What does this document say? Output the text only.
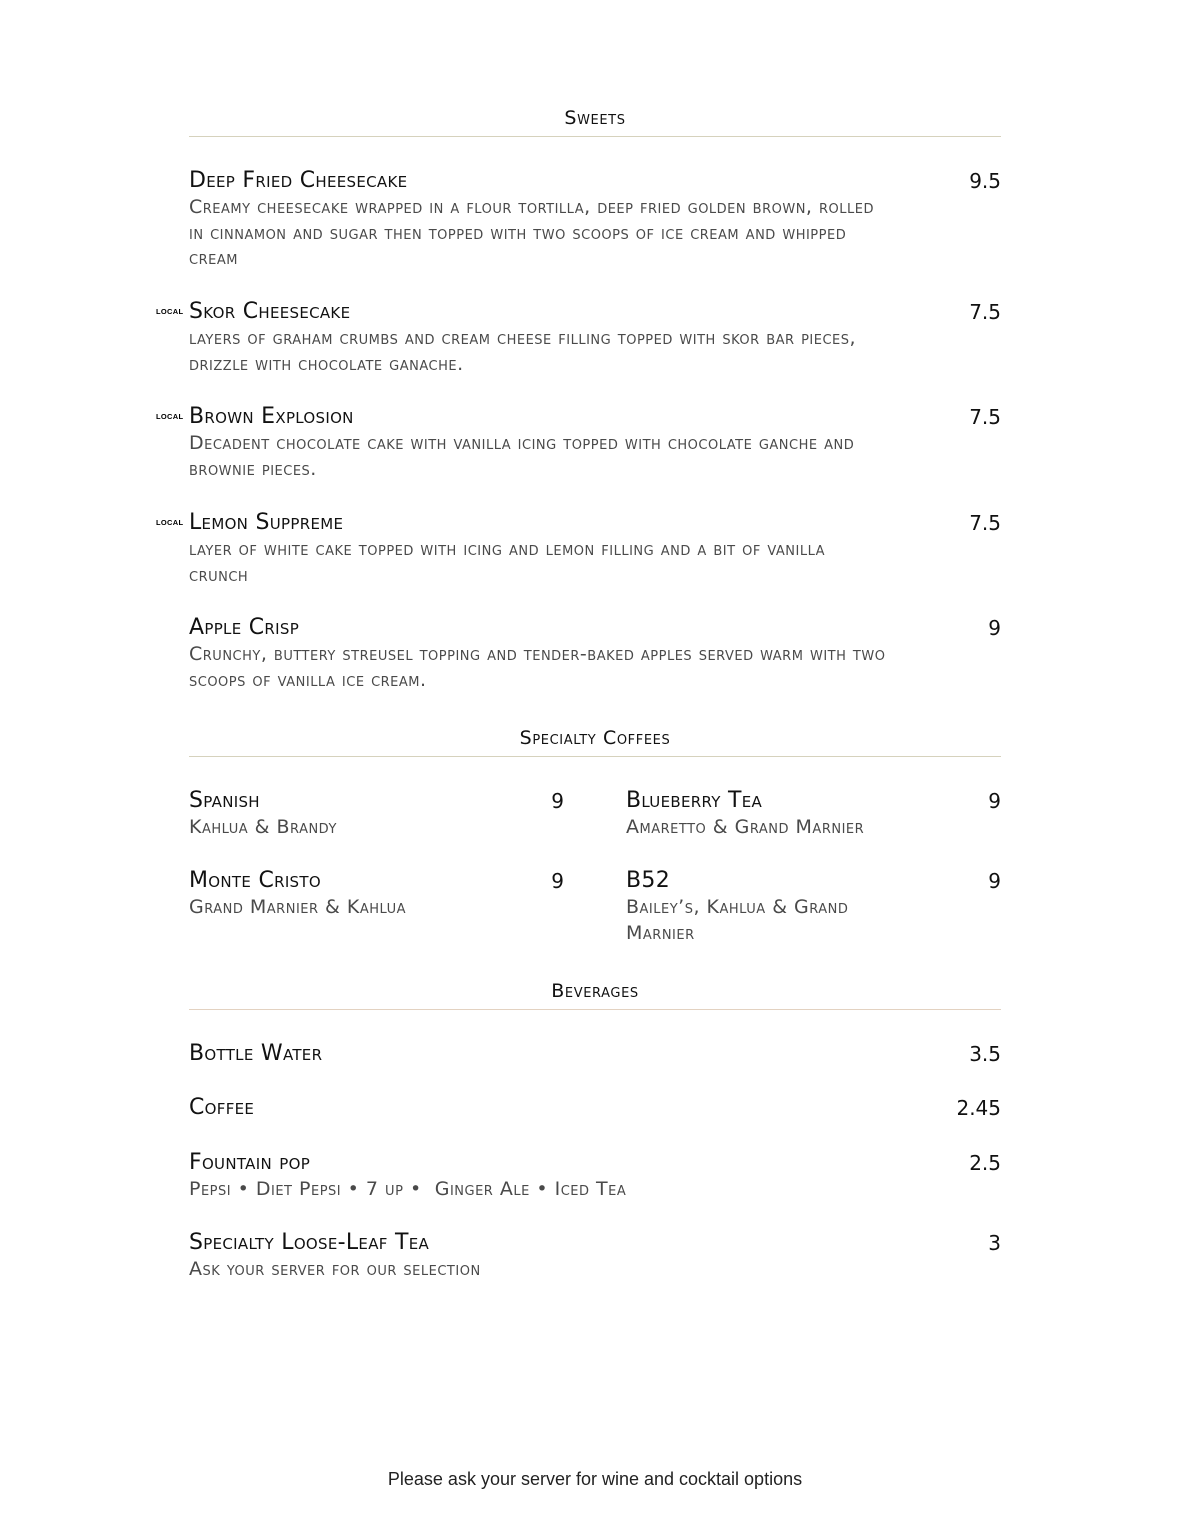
Sweets
Deep Fried Cheesecake	9.5
Creamy cheesecake wrapped in a flour tortilla, deep fried golden brown, rolled in cinnamon and sugar then topped with two scoops of ice cream and whipped cream
LOCAL Skor Cheesecake	7.5
layers of graham crumbs and cream cheese filling topped with skor bar pieces, drizzle with chocolate ganache.
LOCAL Brown Explosion	7.5
Decadent chocolate cake with vanilla icing topped with chocolate ganche and brownie pieces.
LOCAL Lemon Suppreme	7.5
layer of white cake topped with icing and lemon filling and a bit of vanilla crunch
Apple Crisp	9
Crunchy, buttery streusel topping and tender-baked apples served warm with two scoops of vanilla ice cream.
Specialty Coffees
Spanish	9
Kahlua & Brandy
Blueberry Tea	9
Amaretto & Grand Marnier
Monte Cristo	9
Grand Marnier & Kahlua
B52	9
Bailey’s, Kahlua & Grand Marnier
Beverages
Bottle Water	3.5
Coffee	2.45
Fountain pop	2.5
Pepsi • Diet Pepsi • 7 up •  Ginger Ale • Iced Tea
Specialty Loose-Leaf Tea	3
Ask your server for our selection
Please ask your server for wine and cocktail options
